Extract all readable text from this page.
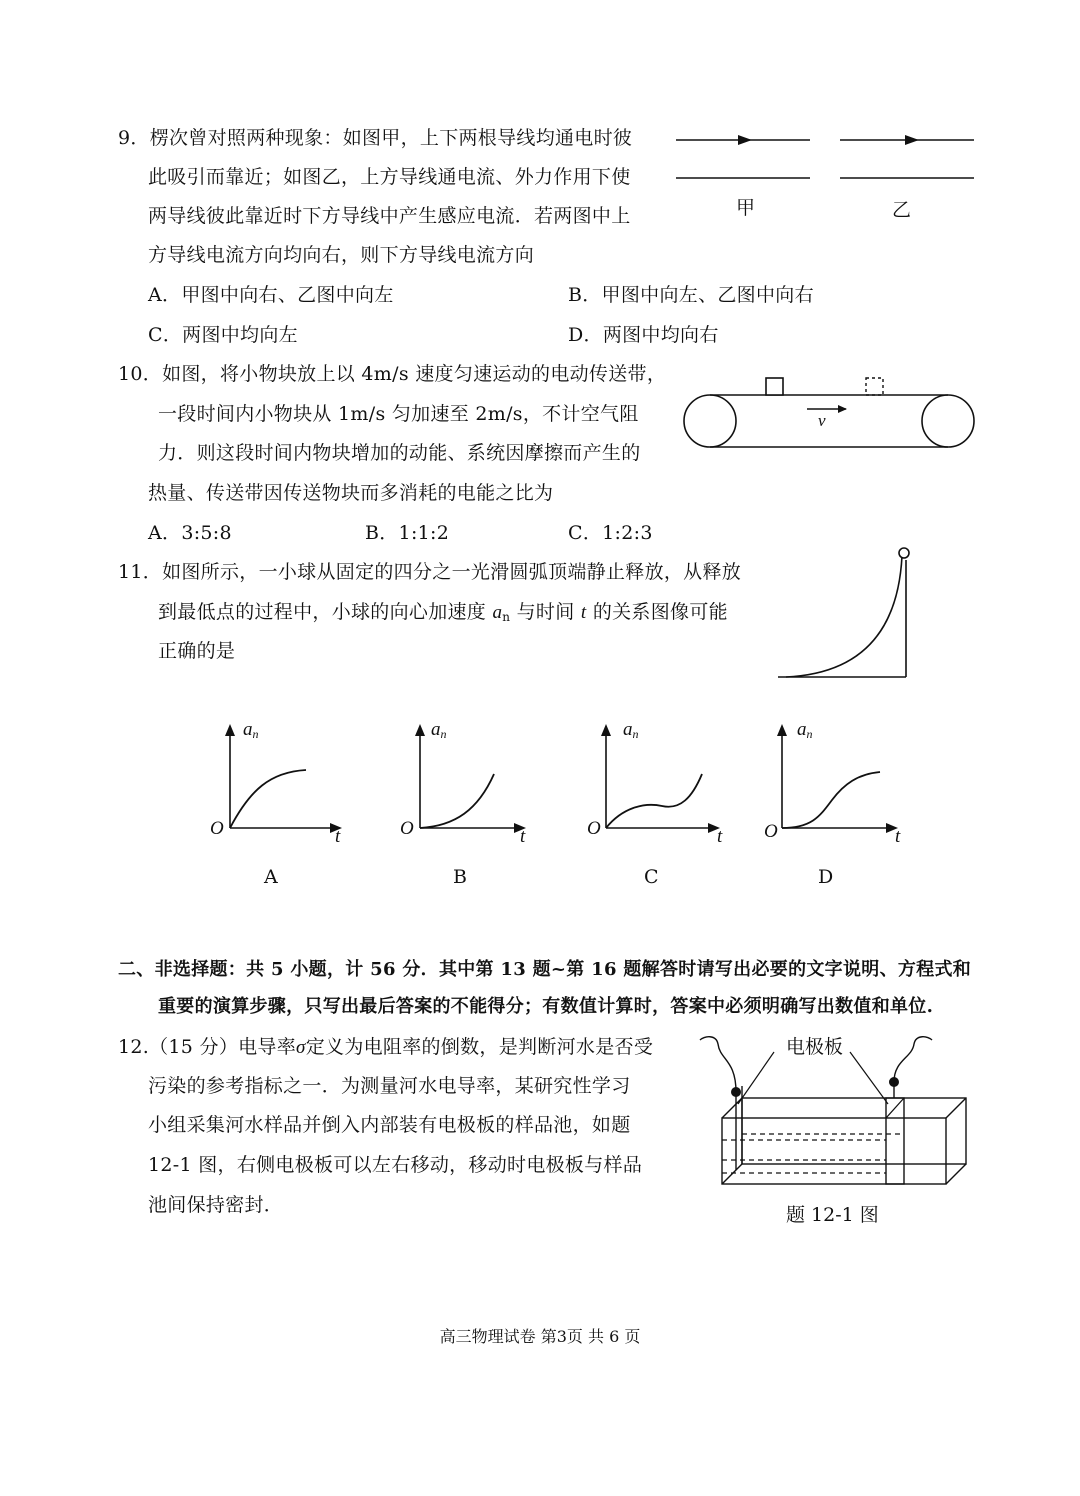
9．楞次曾对照两种现象：如图甲，上下两根导线均通电时彼
此吸引而靠近；如图乙，上方导线通电流、外力作用下使
两导线彼此靠近时下方导线中产生感应电流．若两图中上
方导线电流方向均向右，则下方导线电流方向
A．甲图中向右、乙图中向左	B．甲图中向左、乙图中向右
C．两图中均向左	D．两图中均向右
甲	乙
10．如图，将小物块放上以 4m/s 速度匀速运动的电动传送带，
一段时间内小物块从 1m/s 匀加速至 2m/s，不计空气阻
力．则这段时间内物块增加的动能、系统因摩擦而产生的
热量、传送带因传送物块而多消耗的电能之比为
A．3:5:8	B．1:1:2	C．1:2:3
v
11．如图所示，一小球从固定的四分之一光滑圆弧顶端静止释放，从释放
到最低点的过程中，小球的向心加速度 $a_n$ 与时间 t 的关系图像可能
正确的是
$a_n$
O	t
A
$a_n$
O	t
B
$a_n$
O	t
C
$a_n$
O	t
D
二、非选择题：共 5 小题，计 56 分．其中第 13 题~第 16 题解答时请写出必要的文字说明、方程式和
重要的演算步骤，只写出最后答案的不能得分；有数值计算时，答案中必须明确写出数值和单位.
12.（15 分）电导率σ定义为电阻率的倒数，是判断河水是否受
污染的参考指标之一．为测量河水电导率，某研究性学习
小组采集河水样品并倒入内部装有电极板的样品池，如题
12-1 图，右侧电极板可以左右移动，移动时电极板与样品
池间保持密封．
电极板
题 12-1 图
高三物理试卷 第3页 共 6 页
